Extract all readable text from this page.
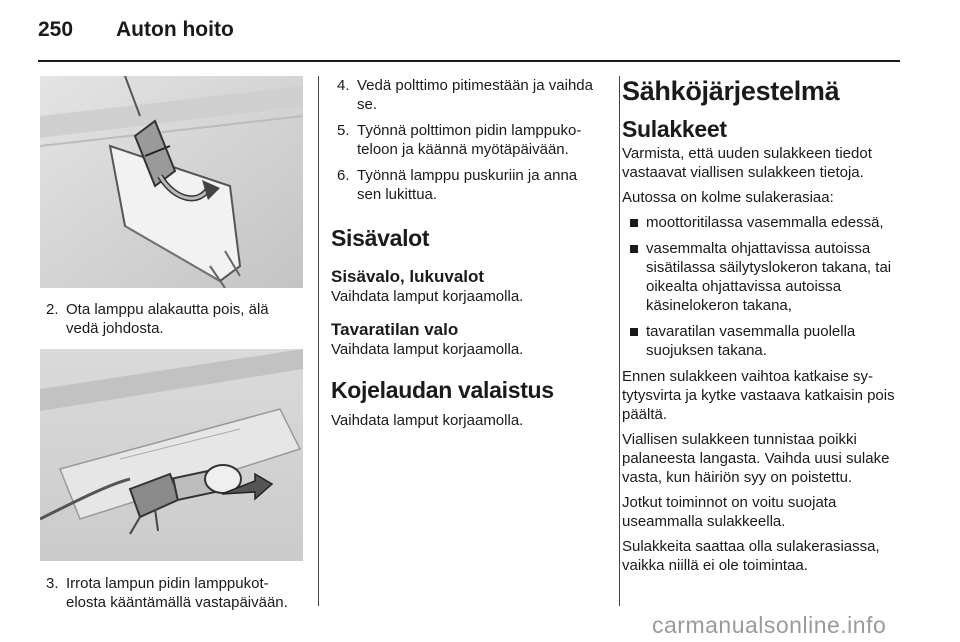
250 Auton hoito
2. Ota lamppu alakautta pois, älä vedä johdosta.
3. Irrota lampun pidin lamppukotelosta kääntämällä vastapäivään.
4. Vedä polttimo pitimestään ja vaihda se.
5. Työnnä polttimon pidin lamppukoteloon ja käännä myötäpäivään.
6. Työnnä lamppu puskuriin ja anna sen lukittua.
Sisävalot
Sisävalo, lukuvalot

Vaihdata lamput korjaamolla.

Tavaratilan valo

Vaihdata lamput korjaamolla.

Kojelaudan valaistus

Vaihdata lamput korjaamolla.

Sähköjärjestelmä
Sulakkeet

Varmista, että uuden sulakkeen tiedot vastaavat viallisen sulakkeen tietoja.

Autossa on kolme sulakerasiaa:

moottoritilassa vasemmalla edessä,
vasemmalta ohjattavissa autoissa sisätilassa säilytyslokeron takana, tai oikealta ohjattavissa autoissa käsinelokeron takana,
tavaratilan vasemmalla puolella suojuksen takana.

Ennen sulakkeen vaihtoa katkaise sytytysvirta ja kytke vastaava katkaisin pois päältä.

Viallisen sulakkeen tunnistaa poikki palaneesta langasta. Vaihda uusi sulake vasta, kun häiriön syy on poistettu.

Jotkut toiminnot on voitu suojata useammalla sulakkeella.

Sulakkeita saattaa olla sulakerasiassa, vaikka niillä ei ole toimintaa.

carmanualsonline.info
